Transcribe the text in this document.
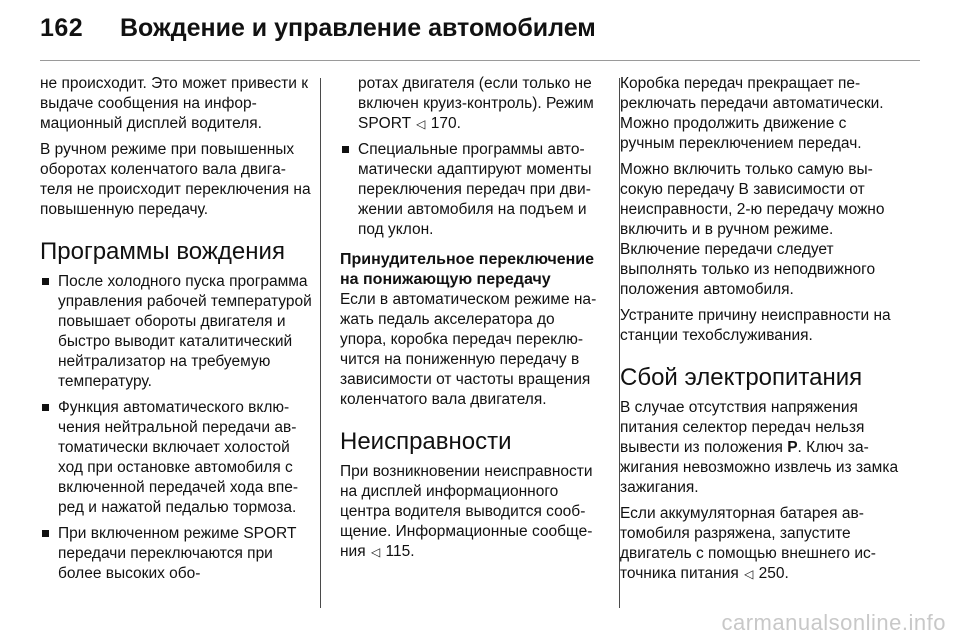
162 Вождение и управление автомобилем

не происходит. Это может привести к выдаче сообщения на информационный дисплей водителя.

В ручном режиме при повышенных оборотах коленчатого вала двигателя не происходит переключения на повышенную передачу.

Программы вождения
После холодного пуска программа управления рабочей температурой повышает обороты двигателя и быстро выводит каталитический нейтрализатор на требуемую температуру.
Функция автоматического включения нейтральной передачи автоматически включает холостой ход при остановке автомобиля с включенной передачей хода вперед и нажатой педалью тормоза.
При включенном режиме SPORT передачи переключаются при более высоких обо-

ротах двигателя (если только не включен круиз-контроль). Режим SPORT ◁ 170.

Специальные программы автоматически адаптируют моменты переключения передач при движении автомобиля на подъем и под уклон.
Принудительное переключение на понижающую передачу

Если в автоматическом режиме нажать педаль акселератора до упора, коробка передач переключится на пониженную передачу в зависимости от частоты вращения коленчатого вала двигателя.

Неисправности

При возникновении неисправности на дисплей информационного центра водителя выводится сообщение. Информационные сообщения ◁ 115.

Коробка передач прекращает переключать передачи автоматически. Можно продолжить движение с ручным переключением передач.

Можно включить только самую высокую передачу В зависимости от неисправности, 2-ю передачу можно включить и в ручном режиме. Включение передачи следует выполнять только из неподвижного положения автомобиля.

Устраните причину неисправности на станции техобслуживания.

Сбой электропитания

В случае отсутствия напряжения питания селектор передач нельзя вывести из положения P. Ключ зажигания невозможно извлечь из замка зажигания.

Если аккумуляторная батарея автомобиля разряжена, запустите двигатель с помощью внешнего источника питания ◁ 250.

carmanualsonline.info
